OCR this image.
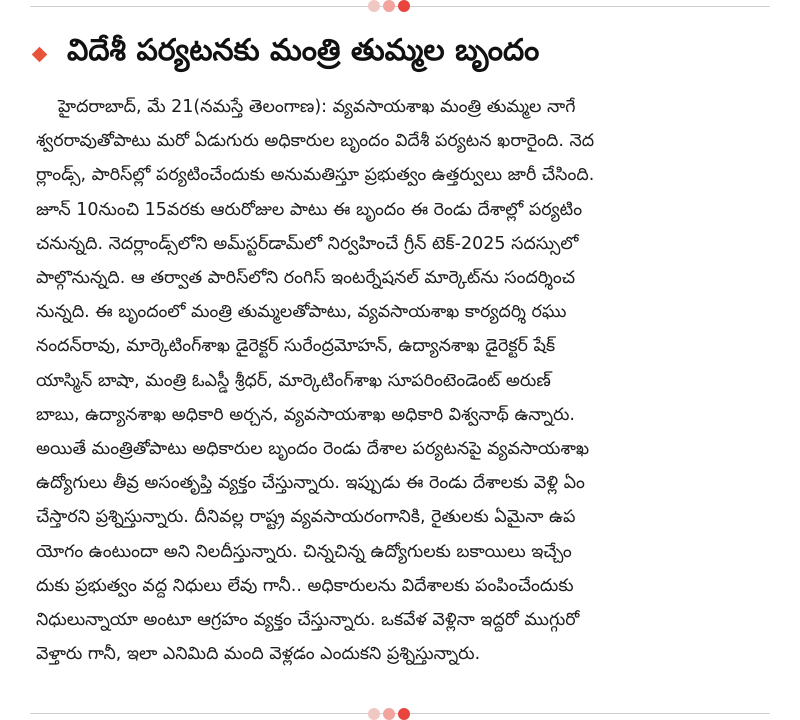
విదేశీ పర్యటనకు మంత్రి తుమ్మల బృందం
హైదరాబాద్, మే 21(నమస్తే తెలంగాణ): వ్యవసాయశాఖ మంత్రి తుమ్మల నాగే
శ్వరరావుతోపాటు మరో ఏడుగురు అధికారుల బృందం విదేశీ పర్యటన ఖరారైంది. నెద
ర్లాండ్స్, పారిస్‌ల్లో పర్యటించేందుకు అనుమతిస్తూ ప్రభుత్వం ఉత్తర్వులు జారీ చేసింది.
జూన్ 10నుంచి 15వరకు ఆరురోజుల పాటు ఈ బృందం ఈ రెండు దేశాల్లో పర్యటిం
చనున్నది. నెదర్లాండ్స్‌లోని అమ్‌స్టర్‌డామ్‌లో నిర్వహించే గ్రీన్ టెక్-2025 సదస్సులో
పాల్గొనున్నది. ఆ తర్వాత పారిస్‌లోని రంగిస్ ఇంటర్నేషనల్ మార్కెట్‌ను సందర్శించ
నున్నది. ఈ బృందంలో మంత్రి తుమ్మలతోపాటు, వ్యవసాయశాఖ కార్యదర్శి రఘు
నందన్‌రావు, మార్కెటింగ్‌శాఖ డైరెక్టర్ సురేంద్రమోహన్, ఉద్యానశాఖ డైరెక్టర్ షేక్
యాస్మిన్ బాషా, మంత్రి ఓఎస్డీ శ్రీధర్, మార్కెటింగ్‌శాఖ సూపరింటెండెంట్ అరుణ్
బాబు, ఉద్యానశాఖ అధికారి అర్చన, వ్యవసాయశాఖ అధికారి విశ్వనాథ్ ఉన్నారు.
అయితే మంత్రితోపాటు అధికారుల బృందం రెండు దేశాల పర్యటనపై వ్యవసాయశాఖ
ఉద్యోగులు తీవ్ర అసంతృప్తి వ్యక్తం చేస్తున్నారు. ఇప్పుడు ఈ రెండు దేశాలకు వెళ్లి ఏం
చేస్తారని ప్రశ్నిస్తున్నారు. దీనివల్ల రాష్ట్ర వ్యవసాయరంగానికి, రైతులకు ఏమైనా ఉప
యోగం ఉంటుందా అని నిలదీస్తున్నారు. చిన్నచిన్న ఉద్యోగులకు బకాయిలు ఇచ్చేం
దుకు ప్రభుత్వం వద్ద నిధులు లేవు గానీ.. అధికారులను విదేశాలకు పంపించేందుకు
నిధులున్నాయా అంటూ ఆగ్రహం వ్యక్తం చేస్తున్నారు. ఒకవేళ వెళ్లినా ఇద్దరో ముగ్గురో
వెళ్తారు గానీ, ఇలా ఎనిమిది మంది వెళ్లడం ఎందుకని ప్రశ్నిస్తున్నారు.
